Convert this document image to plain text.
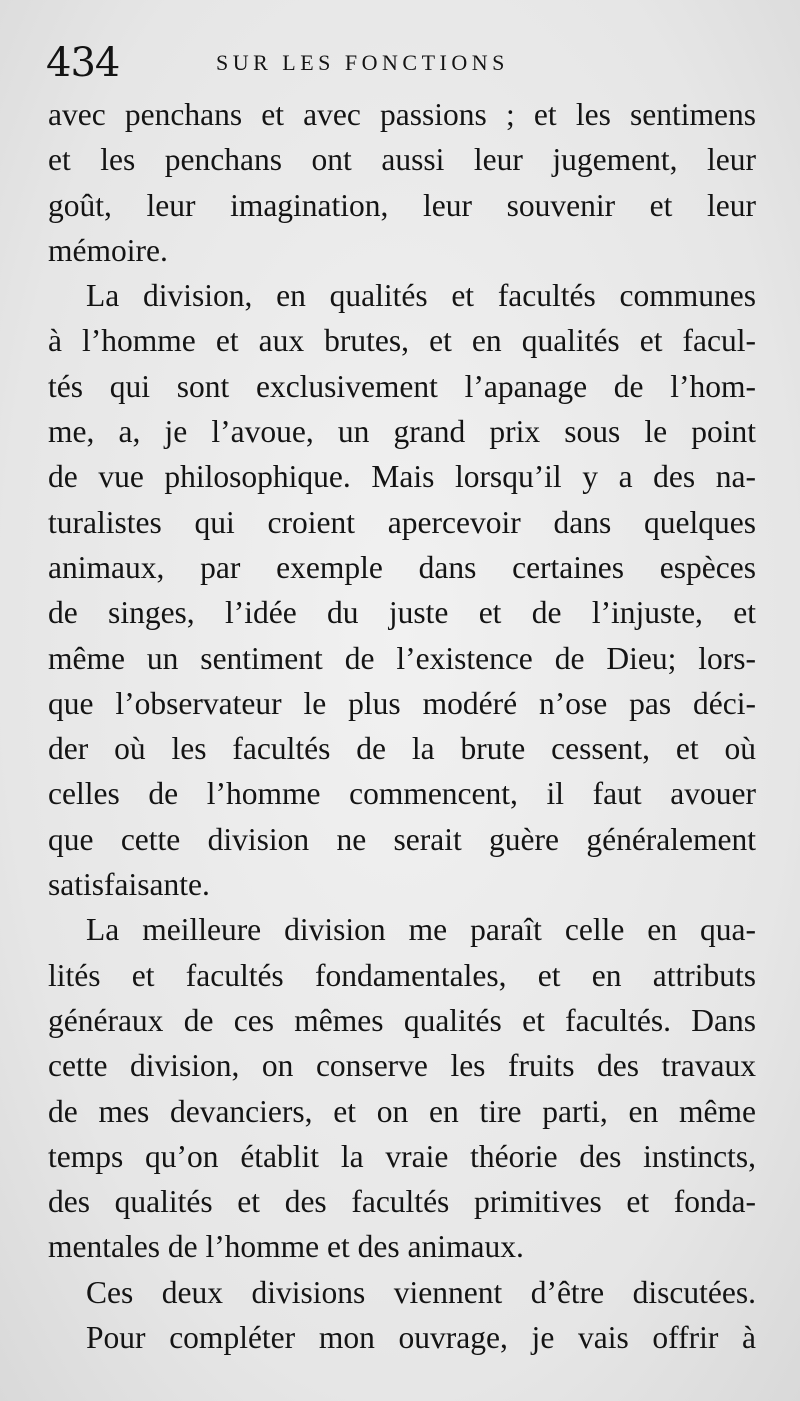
434	SUR LES FONCTIONS
avec penchans et avec passions ; et les sentimens
et les penchans ont aussi leur jugement, leur
goût, leur imagination, leur souvenir et leur
mémoire.
La division, en qualités et facultés communes
à l’homme et aux brutes, et en qualités et facul-
tés qui sont exclusivement l’apanage de l’hom-
me, a, je l’avoue, un grand prix sous le point
de vue philosophique. Mais lorsqu’il y a des na-
turalistes qui croient apercevoir dans quelques
animaux, par exemple dans certaines espèces
de singes, l’idée du juste et de l’injuste, et
même un sentiment de l’existence de Dieu; lors-
que l’observateur le plus modéré n’ose pas déci-
der où les facultés de la brute cessent, et où
celles de l’homme commencent, il faut avouer
que cette division ne serait guère généralement
satisfaisante.
La meilleure division me paraît celle en qua-
lités et facultés fondamentales, et en attributs
généraux de ces mêmes qualités et facultés. Dans
cette division, on conserve les fruits des travaux
de mes devanciers, et on en tire parti, en même
temps qu’on établit la vraie théorie des instincts,
des qualités et des facultés primitives et fonda-
mentales de l’homme et des animaux.
Ces deux divisions viennent d’être discutées.
Pour compléter mon ouvrage, je vais offrir à
